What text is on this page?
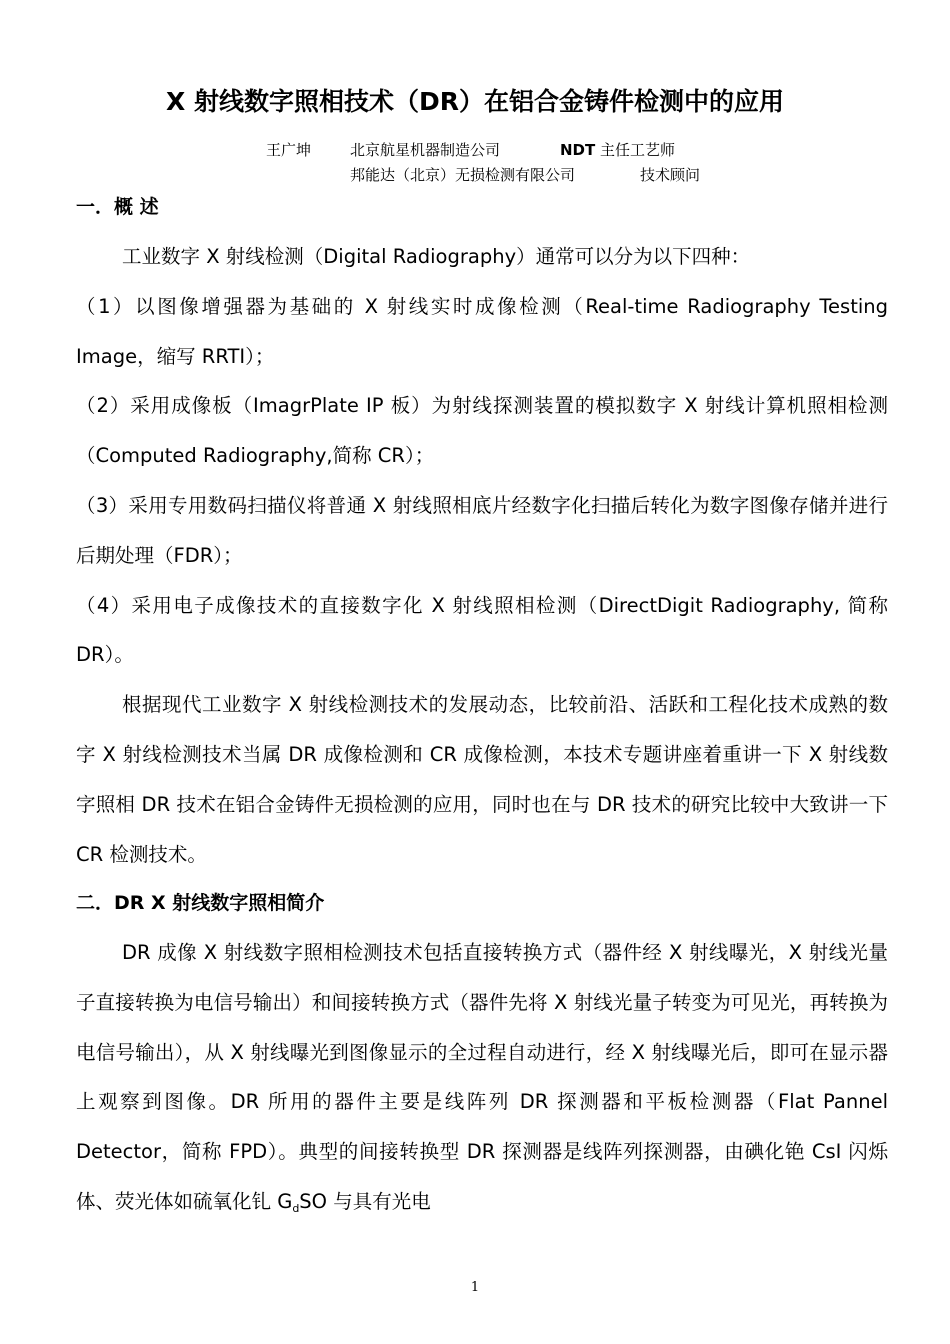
X 射线数字照相技术（DR）在铝合金铸件检测中的应用
王广坤	北京航星机器制造公司	NDT 主任工艺师
邦能达（北京）无损检测有限公司	技术顾问
一．概 述

工业数字 X 射线检测（Digital Radiography）通常可以分为以下四种：

（1）以图像增强器为基础的 X 射线实时成像检测（Real-time Radiography Testing Image，缩写 RRTI）；

（2）采用成像板（ImagrPlate IP 板）为射线探测装置的模拟数字 X 射线计算机照相检测（Computed Radiography,简称 CR）；

（3）采用专用数码扫描仪将普通 X 射线照相底片经数字化扫描后转化为数字图像存储并进行后期处理（FDR）；

（4）采用电子成像技术的直接数字化 X 射线照相检测（DirectDigit Radiography, 简称 DR）。

根据现代工业数字 X 射线检测技术的发展动态，比较前沿、活跃和工程化技术成熟的数字 X 射线检测技术当属 DR 成像检测和 CR 成像检测，本技术专题讲座着重讲一下 X 射线数字照相 DR 技术在铝合金铸件无损检测的应用，同时也在与 DR 技术的研究比较中大致讲一下 CR 检测技术。

二．DR X 射线数字照相简介

DR 成像 X 射线数字照相检测技术包括直接转换方式（器件经 X 射线曝光，X 射线光量子直接转换为电信号输出）和间接转换方式（器件先将 X 射线光量子转变为可见光，再转换为电信号输出），从 X 射线曝光到图像显示的全过程自动进行，经 X 射线曝光后，即可在显示器上观察到图像。DR 所用的器件主要是线阵列 DR 探测器和平板检测器（Flat Pannel Detector，简称 FPD）。典型的间接转换型 DR 探测器是线阵列探测器，由碘化铯 CsI 闪烁体、荧光体如硫氧化钆 $G_dSO$ 与具有光电

1
